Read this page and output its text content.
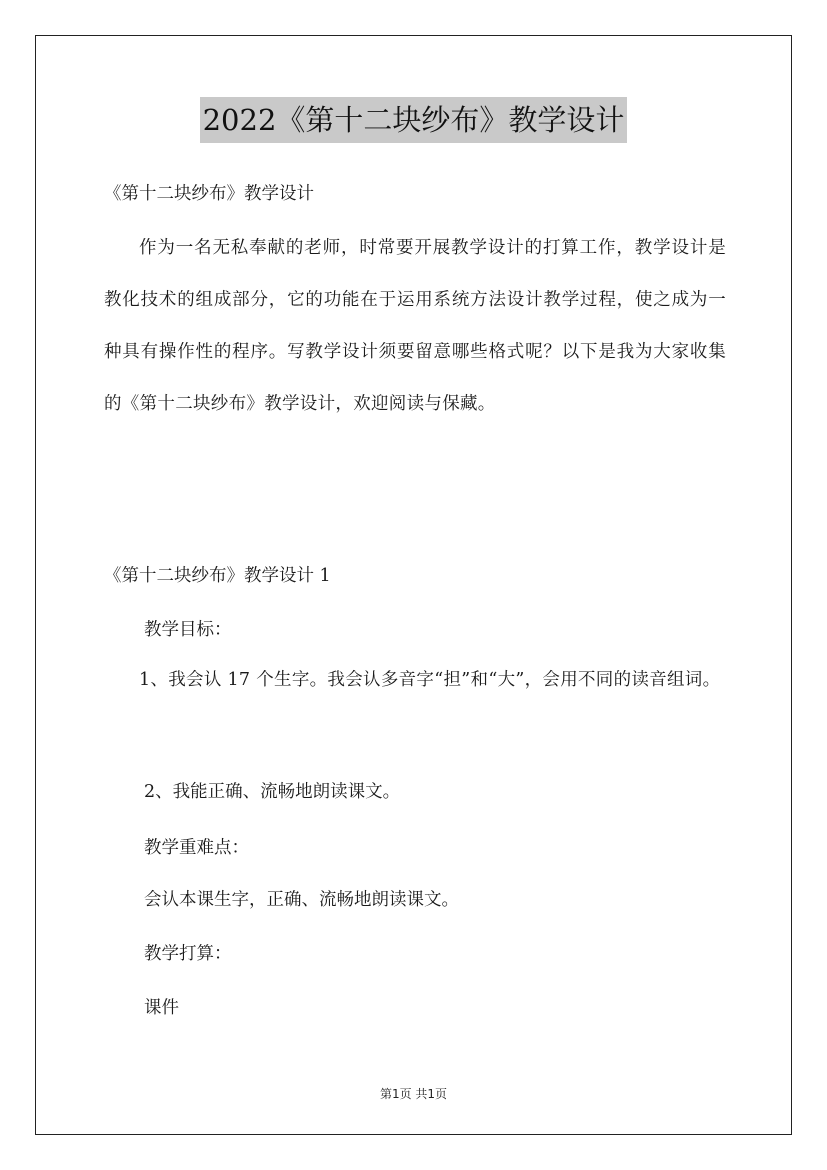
2022《第十二块纱布》教学设计
《第十二块纱布》教学设计
作为一名无私奉献的老师，时常要开展教学设计的打算工作，教学设计是教化技术的组成部分，它的功能在于运用系统方法设计教学过程，使之成为一种具有操作性的程序。写教学设计须要留意哪些格式呢？以下是我为大家收集的《第十二块纱布》教学设计，欢迎阅读与保藏。
《第十二块纱布》教学设计 1
教学目标：
1、我会认 17 个生字。我会认多音字“担”和“大”，会用不同的读音组词。
2、我能正确、流畅地朗读课文。
教学重难点：
会认本课生字，正确、流畅地朗读课文。
教学打算：
课件
第1页 共1页
